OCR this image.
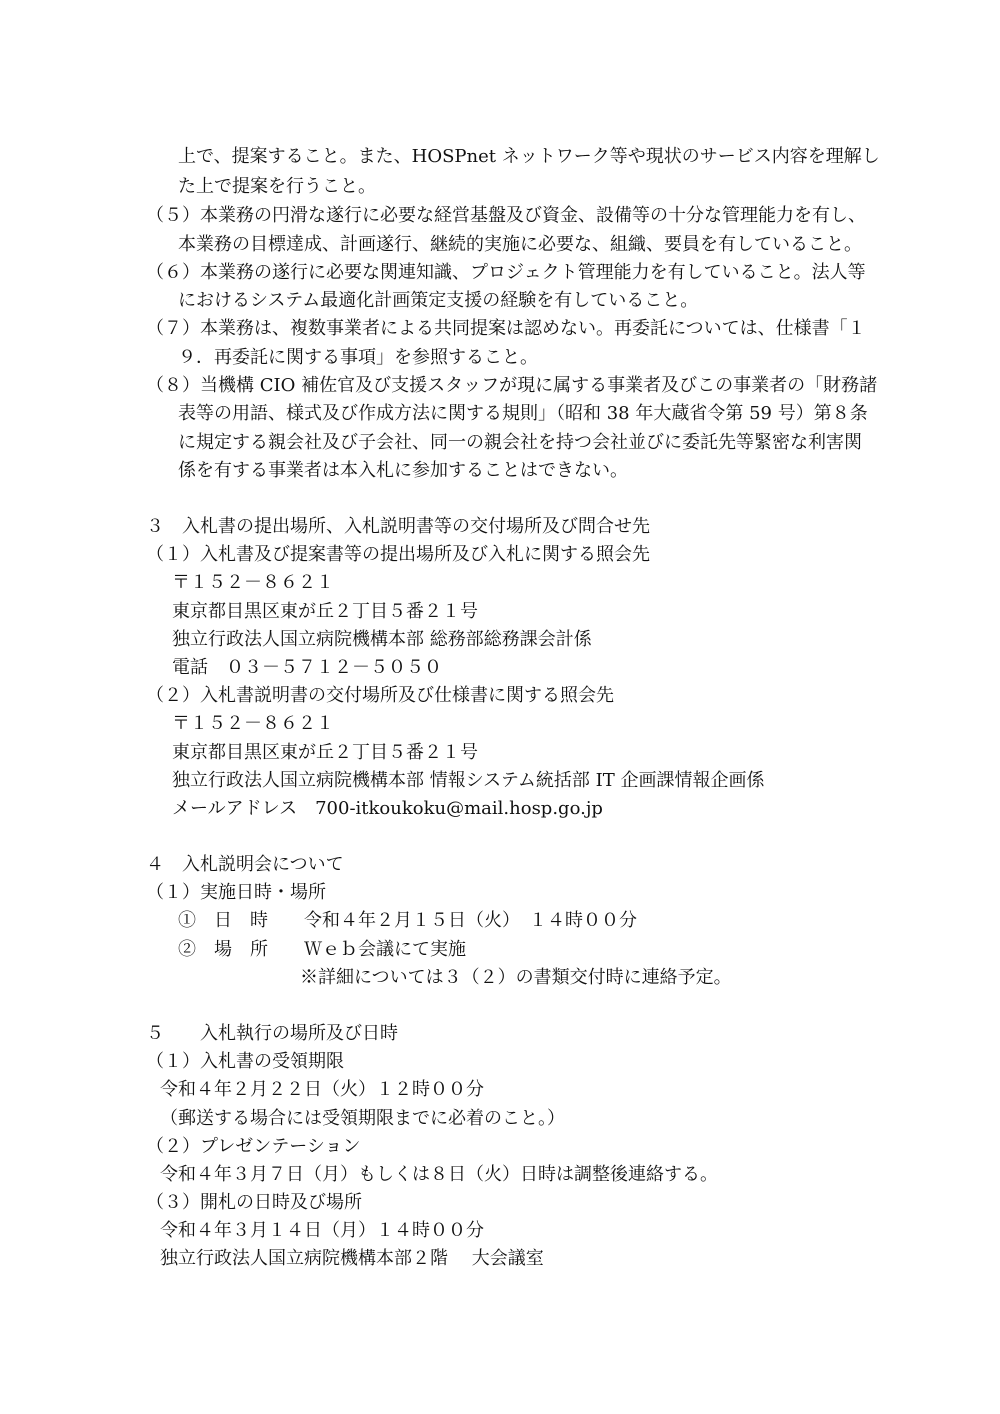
上で、提案すること。また、HOSPnet ネットワーク等や現状のサービス内容を理解し
た上で提案を行うこと。
（５）本業務の円滑な遂行に必要な経営基盤及び資金、設備等の十分な管理能力を有し、
本業務の目標達成、計画遂行、継続的実施に必要な、組織、要員を有していること。
（６）本業務の遂行に必要な関連知識、プロジェクト管理能力を有していること。法人等
におけるシステム最適化計画策定支援の経験を有していること。
（７）本業務は、複数事業者による共同提案は認めない。再委託については、仕様書「１
９．再委託に関する事項」を参照すること。
（８）当機構 CIO 補佐官及び支援スタッフが現に属する事業者及びこの事業者の「財務諸
表等の用語、様式及び作成方法に関する規則」（昭和 38 年大蔵省令第 59 号）第８条
に規定する親会社及び子会社、同一の親会社を持つ会社並びに委託先等緊密な利害関
係を有する事業者は本入札に参加することはできない。
３　入札書の提出場所、入札説明書等の交付場所及び問合せ先
（１）入札書及び提案書等の提出場所及び入札に関する照会先
〒１５２－８６２１
東京都目黒区東が丘２丁目５番２１号
独立行政法人国立病院機構本部 総務部総務課会計係
電話　０３－５７１２－５０５０
（２）入札書説明書の交付場所及び仕様書に関する照会先
〒１５２－８６２１
東京都目黒区東が丘２丁目５番２１号
独立行政法人国立病院機構本部 情報システム統括部 IT 企画課情報企画係
メールアドレス　700-itkoukoku@mail.hosp.go.jp
４　入札説明会について
（１）実施日時・場所
①　日　時　　令和４年２月１５日（火）　１４時００分
②　場　所　　Ｗｅｂ会議にて実施
※詳細については３（２）の書類交付時に連絡予定。
５　　入札執行の場所及び日時
（１）入札書の受領期限
令和４年２月２２日（火）１２時００分
（郵送する場合には受領期限までに必着のこと。）
（２）プレゼンテーション
令和４年３月７日（月）もしくは８日（火）日時は調整後連絡する。
（３）開札の日時及び場所
令和４年３月１４日（月）１４時００分
独立行政法人国立病院機構本部２階　 大会議室
